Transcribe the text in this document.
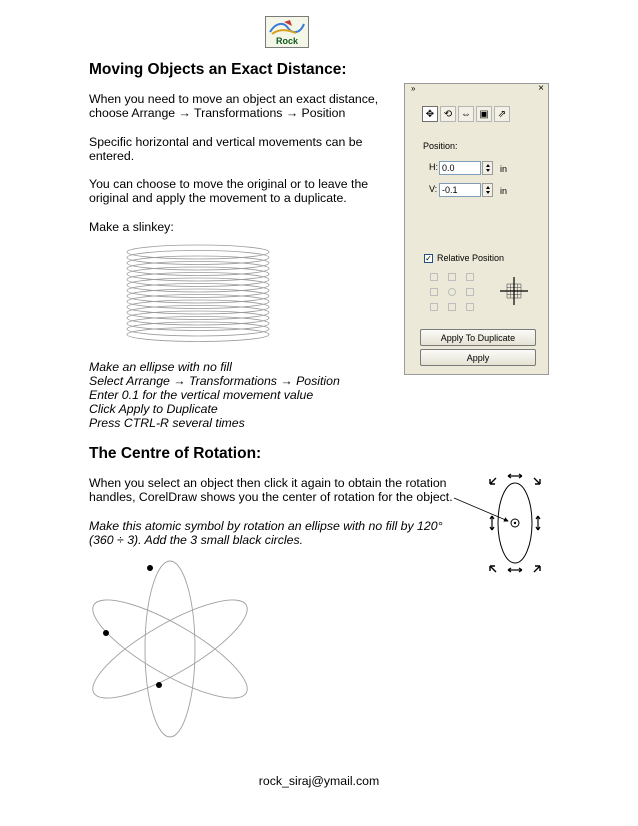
Rock
Moving Objects an Exact Distance:

When you need to move an object an exact distance,

choose Arrange → Transformations → Position

Specific horizontal and vertical movements can be

entered.

You can choose to move the original or to leave the

original and apply the movement to a duplicate.

Make a slinkey:

Make an ellipse with no fill

Select Arrange → Transformations → Position

Enter 0.1 for the vertical movement value

Click Apply to Duplicate

Press CTRL-R several times

»	×
✥ ⟲ ⇔ ▣ ⇗
Position:
H: 0.0	in
V: -0.1	in
✓ Relative Position
Apply To Duplicate
Apply
The Centre of Rotation:

When you select an object then click it again to obtain the rotation

handles, CorelDraw shows you the center of rotation for the object.

Make this atomic symbol by rotation an ellipse with no fill by 120°

(360 ÷ 3). Add the 3 small black circles.

rock_siraj@ymail.com
